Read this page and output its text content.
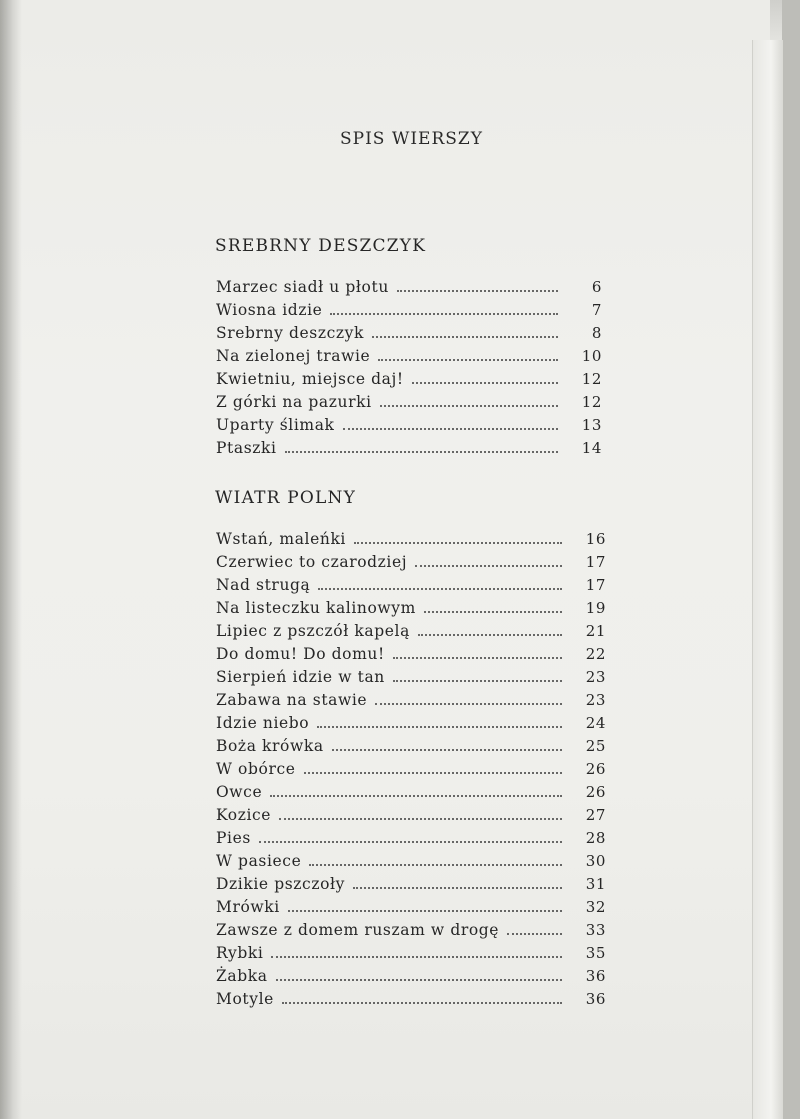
SPIS WIERSZY
SREBRNY DESZCZYK
Marzec siadł u płotu	6
Wiosna idzie	7
Srebrny deszczyk	8
Na zielonej trawie	10
Kwietniu, miejsce daj!	12
Z górki na pazurki	12
Uparty ślimak	13
Ptaszki	14
WIATR POLNY
Wstań, maleńki	16
Czerwiec to czarodziej	17
Nad strugą	17
Na listeczku kalinowym	19
Lipiec z pszczół kapelą	21
Do domu! Do domu!	22
Sierpień idzie w tan	23
Zabawa na stawie	23
Idzie niebo	24
Boża krówka	25
W obórce	26
Owce	26
Kozice	27
Pies	28
W pasiece	30
Dzikie pszczoły	31
Mrówki	32
Zawsze z domem ruszam w drogę	33
Rybki	35
Żabka	36
Motyle	36
